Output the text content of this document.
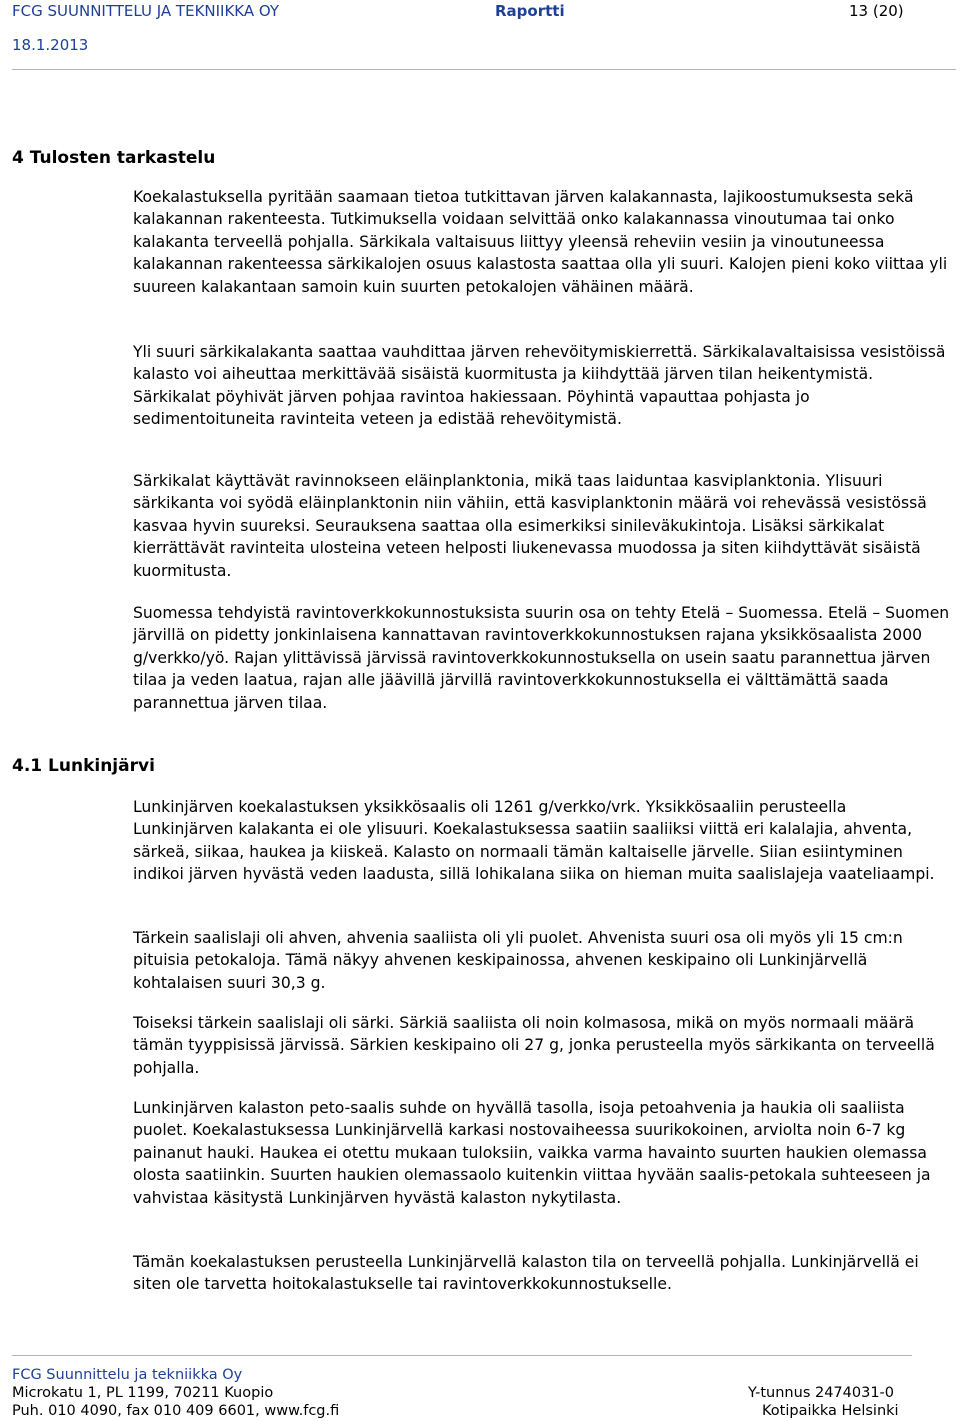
FCG SUUNNITTELU JA TEKNIIKKA OY	Raportti	13 (20)
18.1.2013
4 Tulosten tarkastelu

Koekalastuksella pyritään saamaan tietoa tutkittavan järven kalakannasta, lajikoostumuksesta sekä kalakannan rakenteesta. Tutkimuksella voidaan selvittää onko kalakannassa vinoutumaa tai onko kalakanta terveellä pohjalla. Särkikala valtaisuus liittyy yleensä reheviin vesiin ja vinoutuneessa kalakannan rakenteessa särkikalojen osuus kalastosta saattaa olla yli suuri. Kalojen pieni koko viittaa yli suureen kalakantaan samoin kuin suurten petokalojen vähäinen määrä.

Yli suuri särkikalakanta saattaa vauhdittaa järven rehevöitymiskierrettä. Särkikalavaltaisissa vesistöissä kalasto voi aiheuttaa merkittävää sisäistä kuormitusta ja kiihdyttää järven tilan heikentymistä. Särkikalat pöyhivät järven pohjaa ravintoa hakiessaan. Pöyhintä vapauttaa pohjasta jo sedimentoituneita ravinteita veteen ja edistää rehevöitymistä.

Särkikalat käyttävät ravinnokseen eläinplanktonia, mikä taas laiduntaa kasviplanktonia. Ylisuuri särkikanta voi syödä eläinplanktonin niin vähiin, että kasviplanktonin määrä voi rehevässä vesistössä kasvaa hyvin suureksi. Seurauksena saattaa olla esimerkiksi sinileväkukintoja. Lisäksi särkikalat kierrättävät ravinteita ulosteina veteen helposti liukenevassa muodossa ja siten kiihdyttävät sisäistä kuormitusta.

Suomessa tehdyistä ravintoverkkokunnostuksista suurin osa on tehty Etelä – Suomessa. Etelä – Suomen järvillä on pidetty jonkinlaisena kannattavan ravintoverkkokunnostuksen rajana yksikkösaalista 2000 g/verkko/yö. Rajan ylittävissä järvissä ravintoverkkokunnostuksella on usein saatu parannettua järven tilaa ja veden laatua, rajan alle jäävillä järvillä ravintoverkkokunnostuksella ei välttämättä saada parannettua järven tilaa.

4.1 Lunkinjärvi

Lunkinjärven koekalastuksen yksikkösaalis oli 1261 g/verkko/vrk. Yksikkösaaliin perusteella Lunkinjärven kalakanta ei ole ylisuuri. Koekalastuksessa saatiin saaliiksi viittä eri kalalajia, ahventa, särkeä, siikaa, haukea ja kiiskeä. Kalasto on normaali tämän kaltaiselle järvelle. Siian esiintyminen indikoi järven hyvästä veden laadusta, sillä lohikalana siika on hieman muita saalislajeja vaateliaampi.

Tärkein saalislaji oli ahven, ahvenia saaliista oli yli puolet. Ahvenista suuri osa oli myös yli 15 cm:n pituisia petokaloja. Tämä näkyy ahvenen keskipainossa, ahvenen keskipaino oli Lunkinjärvellä kohtalaisen suuri 30,3 g.

Toiseksi tärkein saalislaji oli särki. Särkiä saaliista oli noin kolmasosa, mikä on myös normaali määrä tämän tyyppisissä järvissä. Särkien keskipaino oli 27 g, jonka perusteella myös särkikanta on terveellä pohjalla.

Lunkinjärven kalaston peto-saalis suhde on hyvällä tasolla, isoja petoahvenia ja haukia oli saaliista puolet. Koekalastuksessa Lunkinjärvellä karkasi nostovaiheessa suurikokoinen, arviolta noin 6-7 kg painanut hauki. Haukea ei otettu mukaan tuloksiin, vaikka varma havainto suurten haukien olemassa olosta saatiinkin. Suurten haukien olemassaolo kuitenkin viittaa hyvään saalis-petokala suhteeseen ja vahvistaa käsitystä Lunkinjärven hyvästä kalaston nykytilasta.

Tämän koekalastuksen perusteella Lunkinjärvellä kalaston tila on terveellä pohjalla. Lunkinjärvellä ei siten ole tarvetta hoitokalastukselle tai ravintoverkkokunnostukselle.

FCG Suunnittelu ja tekniikka Oy
Microkatu 1, PL 1199, 70211 Kuopio
Puh. 010 4090, fax 010 409 6601, www.fcg.fi
Y-tunnus 2474031-0
Kotipaikka Helsinki
